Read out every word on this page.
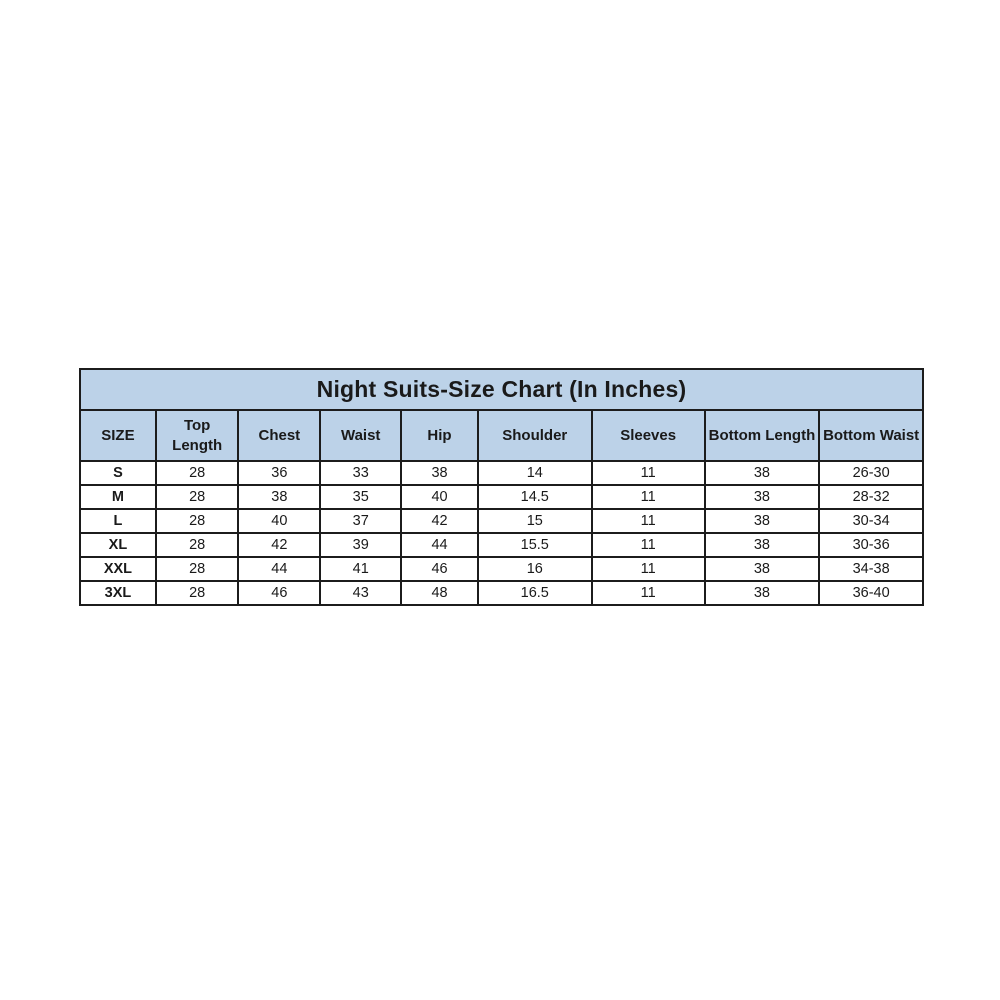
Night Suits-Size Chart (In Inches)								
SIZE	Top Length	Chest	Waist	Hip	Shoulder	Sleeves	Bottom Length	Bottom Waist
S	28	36	33	38	14	11	38	26-30
M	28	38	35	40	14.5	11	38	28-32
L	28	40	37	42	15	11	38	30-34
XL	28	42	39	44	15.5	11	38	30-36
XXL	28	44	41	46	16	11	38	34-38
3XL	28	46	43	48	16.5	11	38	36-40
